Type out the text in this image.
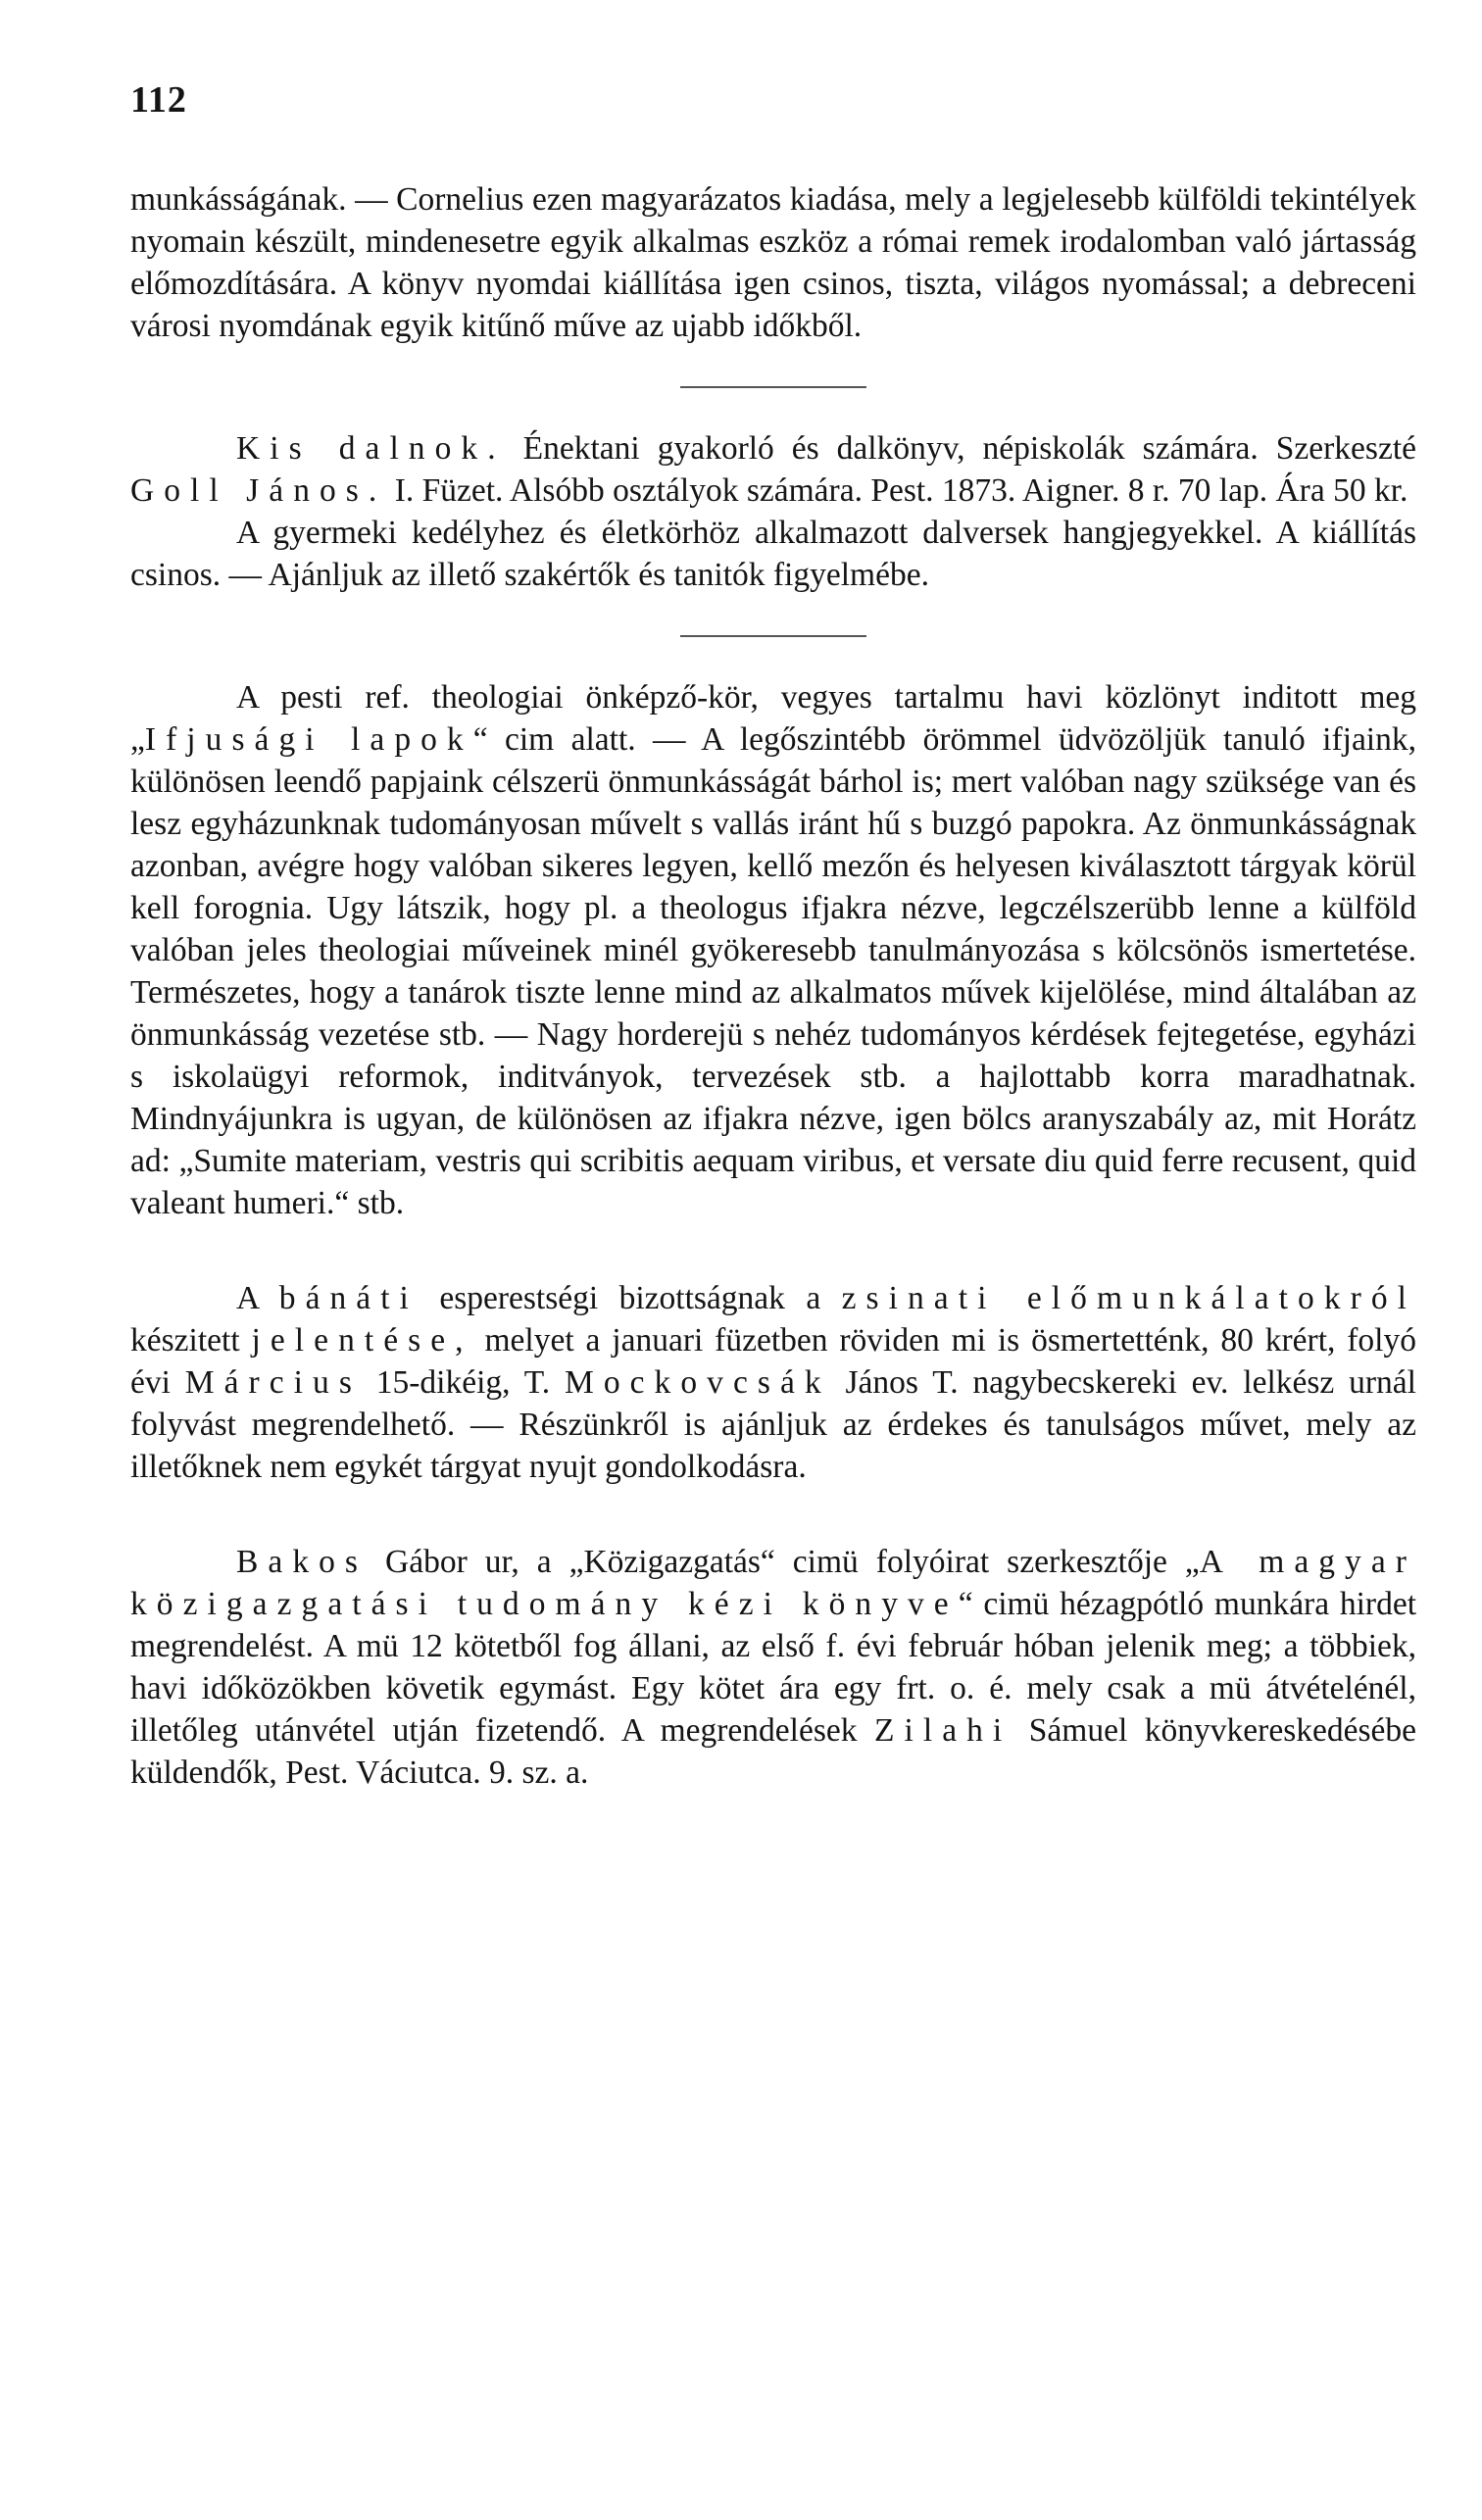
112

munkásságának. — Cornelius ezen magyarázatos kiadása, mely a legjelesebb külföldi tekintélyek nyomain készült, mindenesetre egyik alkalmas eszköz a római remek irodalomban való jártasság előmozdítására. A könyv nyomdai kiállítása igen csinos, tiszta, világos nyomással; a debreceni városi nyomdának egyik kitűnő műve az ujabb időkből.

Kis dalnok. Énektani gyakorló és dalkönyv, népiskolák számára. Szerkeszté Goll János. I. Füzet. Alsóbb osztályok számára. Pest. 1873. Aigner. 8 r. 70 lap. Ára 50 kr.

A gyermeki kedélyhez és életkörhöz alkalmazott dalversek hangjegyekkel. A kiállítás csinos. — Ajánljuk az illető szakértők és tanitók figyelmébe.

A pesti ref. theologiai önképző-kör, vegyes tartalmu havi közlönyt inditott meg „Ifjusági lapok“ cim alatt. — A legőszintébb örömmel üdvözöljük tanuló ifjaink, különösen leendő papjaink célszerü önmunkásságát bárhol is; mert valóban nagy szüksége van és lesz egyházunknak tudományosan művelt s vallás iránt hű s buzgó papokra. Az önmunkásságnak azonban, avégre hogy valóban sikeres legyen, kellő mezőn és helyesen kiválasztott tárgyak körül kell forognia. Ugy látszik, hogy pl. a theologus ifjakra nézve, legczélszerübb lenne a külföld valóban jeles theologiai műveinek minél gyökeresebb tanulmányozása s kölcsönös ismertetése. Természetes, hogy a tanárok tiszte lenne mind az alkalmatos művek kijelölése, mind általában az önmunkásság vezetése stb. — Nagy horderejü s nehéz tudományos kérdések fejtegetése, egyházi s iskolaügyi reformok, inditványok, tervezések stb. a hajlottabb korra maradhatnak. Mindnyájunkra is ugyan, de különösen az ifjakra nézve, igen bölcs aranyszabály az, mit Horátz ad: „Sumite materiam, vestris qui scribitis aequam viribus, et versate diu quid ferre recusent, quid valeant humeri.“ stb.

A bánáti esperestségi bizottságnak a zsinati előmunkálatokról készitett jelentése, melyet a januari füzetben röviden mi is ösmertetténk, 80 krért, folyó évi Március 15-dikéig, T. Mockovcsák János T. nagybecskereki ev. lelkész urnál folyvást megrendelhető. — Részünkről is ajánljuk az érdekes és tanulságos művet, mely az illetőknek nem egykét tárgyat nyujt gondolkodásra.

Bakos Gábor ur, a „Közigazgatás“ cimü folyóirat szerkesztője „A magyar közigazgatási tudomány kézi könyve“ cimü hézagpótló munkára hirdet megrendelést. A mü 12 kötetből fog állani, az első f. évi február hóban jelenik meg; a többiek, havi időközökben követik egymást. Egy kötet ára egy frt. o. é. mely csak a mü átvételénél, illetőleg utánvétel utján fizetendő. A megrendelések Zilahi Sámuel könyvkereskedésébe küldendők, Pest. Váciutca. 9. sz. a.
